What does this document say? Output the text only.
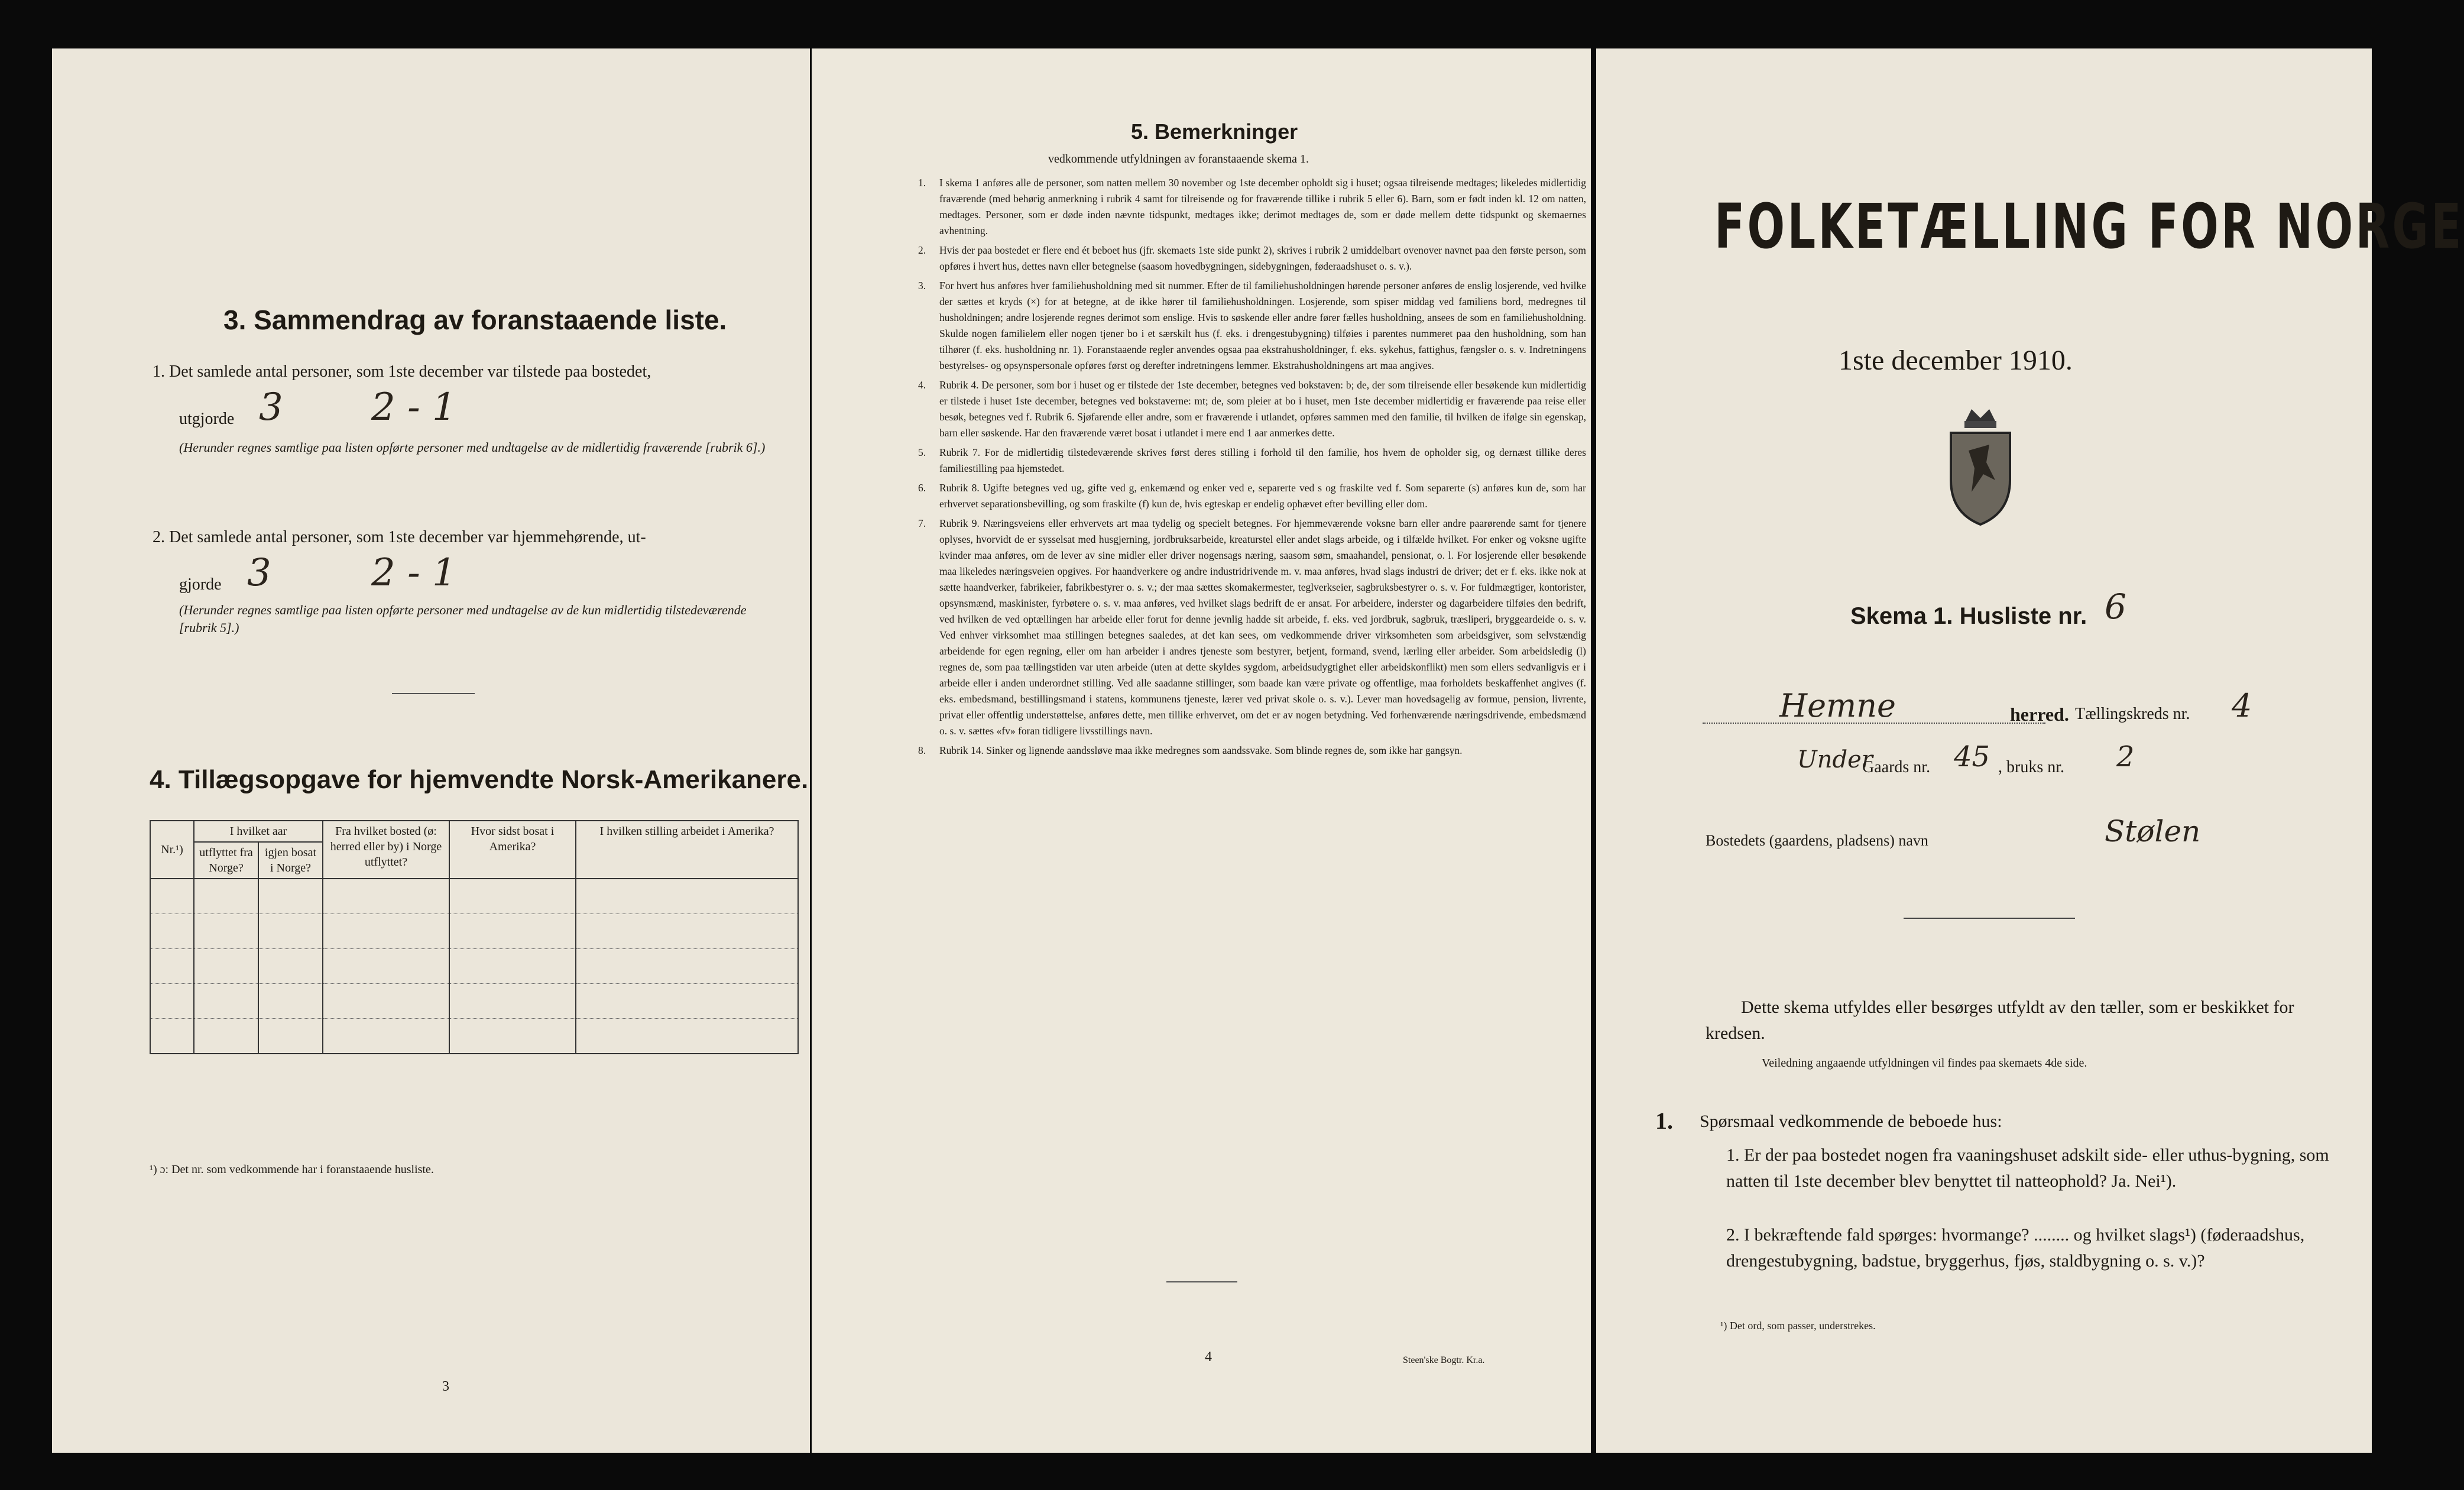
3. Sammendrag av foranstaaende liste.
1. Det samlede antal personer, som 1ste december var tilstede paa bostedet,
utgjorde 3 2 - 1
(Herunder regnes samtlige paa listen opførte personer med undtagelse av de midlertidig fraværende [rubrik 6].)
2. Det samlede antal personer, som 1ste december var hjemmehørende, ut-
gjorde 3	2 - 1
(Herunder regnes samtlige paa listen opførte personer med undtagelse av de kun midlertidig tilstedeværende [rubrik 5].)
4. Tillægsopgave for hjemvendte Norsk-Amerikanere.
Nr.¹)	I hvilket aar		Fra hvilket bosted (ø: herred eller by) i Norge utflyttet?	Hvor sidst bosat i Amerika?	I hvilken stilling arbeidet i Amerika?
	utflyttet fra Norge?	igjen bosat i Norge?			

¹) ɔ: Det nr. som vedkommende har i foranstaaende husliste.
3
5. Bemerkninger
vedkommende utfyldningen av foranstaaende skema 1.
1. I skema 1 anføres alle de personer, som natten mellem 30 november og 1ste december opholdt sig i huset; ogsaa tilreisende medtages; likeledes midlertidig fraværende (med behørig anmerkning i rubrik 4 samt for tilreisende og for fraværende tillike i rubrik 5 eller 6). Barn, som er født inden kl. 12 om natten, medtages. Personer, som er døde inden nævnte tidspunkt, medtages ikke; derimot medtages de, som er døde mellem dette tidspunkt og skemaernes avhentning.
2. Hvis der paa bostedet er flere end ét beboet hus (jfr. skemaets 1ste side punkt 2), skrives i rubrik 2 umiddelbart ovenover navnet paa den første person, som opføres i hvert hus, dettes navn eller betegnelse (saasom hovedbygningen, sidebygningen, føderaadshuset o. s. v.).
3. For hvert hus anføres hver familiehusholdning med sit nummer. Efter de til familiehusholdningen hørende personer anføres de enslig losjerende, ved hvilke der sættes et kryds (×) for at betegne, at de ikke hører til familiehusholdningen. Losjerende, som spiser middag ved familiens bord, medregnes til husholdningen; andre losjerende regnes derimot som enslige. Hvis to søskende eller andre fører fælles husholdning, ansees de som en familiehusholdning. Skulde nogen familielem eller nogen tjener bo i et særskilt hus (f. eks. i drengestubygning) tilføies i parentes nummeret paa den husholdning, som han tilhører (f. eks. husholdning nr. 1). Foranstaaende regler anvendes ogsaa paa ekstrahusholdninger, f. eks. sykehus, fattighus, fængsler o. s. v. Indretningens bestyrelses- og opsynspersonale opføres først og derefter indretningens lemmer. Ekstrahusholdningens art maa angives.
4. Rubrik 4. De personer, som bor i huset og er tilstede der 1ste december, betegnes ved bokstaven: b; de, der som tilreisende eller besøkende kun midlertidig er tilstede i huset 1ste december, betegnes ved bokstaverne: mt; de, som pleier at bo i huset, men 1ste december midlertidig er fraværende paa reise eller besøk, betegnes ved f. Rubrik 6. Sjøfarende eller andre, som er fraværende i utlandet, opføres sammen med den familie, til hvilken de ifølge sin egenskap, barn eller søskende. Har den fraværende været bosat i utlandet i mere end 1 aar anmerkes dette.
5. Rubrik 7. For de midlertidig tilstedeværende skrives først deres stilling i forhold til den familie, hos hvem de opholder sig, og dernæst tillike deres familiestilling paa hjemstedet.
6. Rubrik 8. Ugifte betegnes ved ug, gifte ved g, enkemænd og enker ved e, separerte ved s og fraskilte ved f. Som separerte (s) anføres kun de, som har erhvervet separationsbevilling, og som fraskilte (f) kun de, hvis egteskap er endelig ophævet efter bevilling eller dom.
7. Rubrik 9. Næringsveiens eller erhvervets art maa tydelig og specielt betegnes. For hjemmeværende voksne barn eller andre paarørende samt for tjenere oplyses, hvorvidt de er sysselsat med husgjerning, jordbruksarbeide, kreaturstel eller andet slags arbeide, og i tilfælde hvilket. For enker og voksne ugifte kvinder maa anføres, om de lever av sine midler eller driver nogensags næring, saasom søm, smaahandel, pensionat, o. l. For losjerende eller besøkende maa likeledes næringsveien opgives. For haandverkere og andre industridrivende m. v. maa anføres, hvad slags industri de driver; det er f. eks. ikke nok at sætte haandverker, fabrikeier, fabrikbestyrer o. s. v.; der maa sættes skomakermester, teglverkseier, sagbruksbestyrer o. s. v. For fuldmægtiger, kontorister, opsynsmænd, maskinister, fyrbøtere o. s. v. maa anføres, ved hvilket slags bedrift de er ansat. For arbeidere, inderster og dagarbeidere tilføies den bedrift, ved hvilken de ved optællingen har arbeide eller forut for denne jevnlig hadde sit arbeide, f. eks. ved jordbruk, sagbruk, træsliperi, bryggeardeide o. s. v. Ved enhver virksomhet maa stillingen betegnes saaledes, at det kan sees, om vedkommende driver virksomheten som arbeidsgiver, som selvstændig arbeidende for egen regning, eller om han arbeider i andres tjeneste som bestyrer, betjent, formand, svend, lærling eller arbeider. Som arbeidsledig (l) regnes de, som paa tællingstiden var uten arbeide (uten at dette skyldes sygdom, arbeidsudygtighet eller arbeidskonflikt) men som ellers sedvanligvis er i arbeide eller i anden underordnet stilling. Ved alle saadanne stillinger, som baade kan være private og offentlige, maa forholdets beskaffenhet angives (f. eks. embedsmand, bestillingsmand i statens, kommunens tjeneste, lærer ved privat skole o. s. v.). Lever man hovedsagelig av formue, pension, livrente, privat eller offentlig understøttelse, anføres dette, men tillike erhvervet, om det er av nogen betydning. Ved forhenværende næringsdrivende, embedsmænd o. s. v. sættes «fv» foran tidligere livsstillings navn.
8. Rubrik 14. Sinker og lignende aandssløve maa ikke medregnes som aandssvake. Som blinde regnes de, som ikke har gangsyn.
4	Steen'ske Bogtr. Kr.a.
FOLKETÆLLING FOR NORGE
1ste december 1910.
Skema 1. Husliste nr. 6
Hemne	herred. Tællingskreds nr. 4
Under
Gaards nr. 45 , bruks nr. 2
Bostedets (gaardens, pladsens) navn	Stølen
Dette skema utfyldes eller besørges utfyldt av den tæller, som er beskikket for kredsen.
Veiledning angaaende utfyldningen vil findes paa skemaets 4de side.
1. Spørsmaal vedkommende de beboede hus:
1. Er der paa bostedet nogen fra vaaningshuset adskilt side- eller uthus-bygning, som natten til 1ste december blev benyttet til natteophold? Ja. Nei¹).
2. I bekræftende fald spørges: hvormange? ........ og hvilket slags¹) (føderaadshus, drengestubygning, badstue, bryggerhus, fjøs, staldbygning o. s. v.)?
¹) Det ord, som passer, understrekes.
